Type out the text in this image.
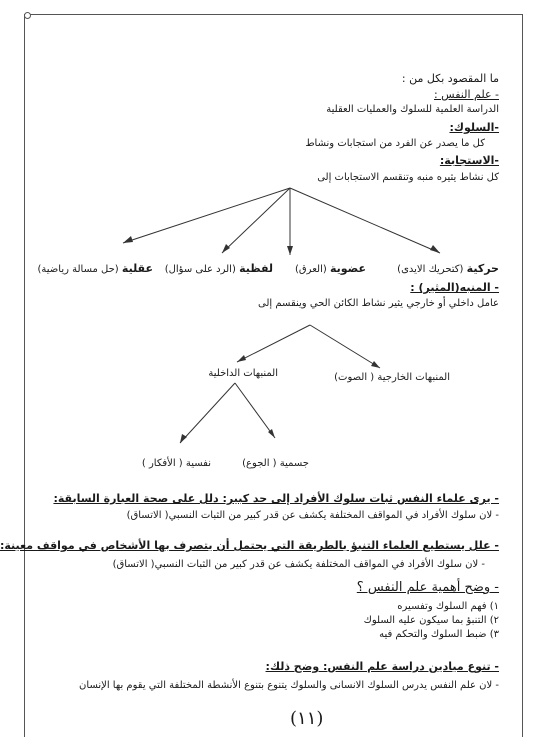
ما المقصود بكل من :
- علم النفس :
الدراسة العلمية للسلوك والعمليات العقلية
-السلوك:
كل ما يصدر عن الفرد من استجابات ونشاط
-الاستجابة:
كل نشاط يثيره منبه وتنقسم الاستجابات إلى
حركية (كتحريك الايدى)
عضوية (العرق)
لفظية (الرد على سؤال)
عقلية (حل مسالة رياضية)
- المنبه(المثير) :
عامل داخلي أو خارجي يثير نشاط الكائن الحي وينقسم إلى
المنبهات الخارجية ( الصوت)
المنبهات الداخلية
جسمية ( الجوع)
نفسية ( الأفكار )
- يرى علماء النفس ثبات سلوك الأفراد إلى حد كبير: دلل على صحة العبارة السابقة:
- لان سلوك الأفراد في المواقف المختلفة يكشف عن قدر كبير من الثبات النسبي( الاتساق)
- علل يستطيع العلماء التنبؤ بالطريقة التي يحتمل أن يتصرف بها الأشخاص في مواقف معينة:
- لان سلوك الأفراد في المواقف المختلفة يكشف عن قدر كبير من الثبات النسبي( الاتساق)
- وضح أهمية علم النفس ؟
١) فهم السلوك وتفسيره
٢) التنبؤ بما سيكون عليه السلوك
٣) ضبط السلوك والتحكم فيه
- تنوع ميادين دراسة علم النفس: وضح ذلك:
- لان علم النفس يدرس السلوك الانسانى والسلوك يتنوع بتنوع الأنشطة المختلفة التي يقوم بها الإنسان
(١١)
